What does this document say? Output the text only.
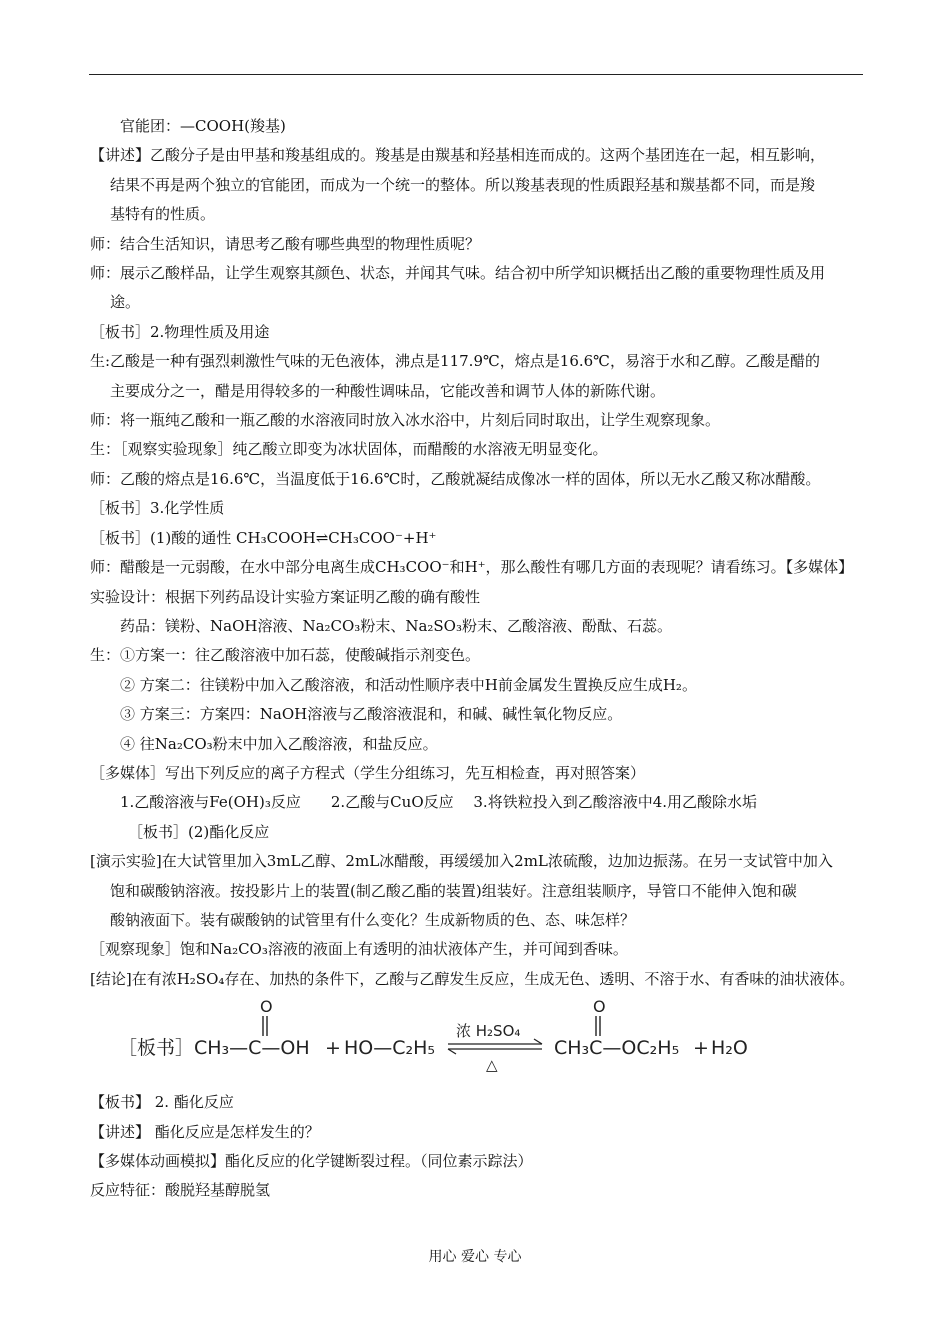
官能团：—COOH(羧基)
【讲述】乙酸分子是由甲基和羧基组成的。羧基是由羰基和羟基相连而成的。这两个基团连在一起，相互影响，
结果不再是两个独立的官能团，而成为一个统一的整体。所以羧基表现的性质跟羟基和羰基都不同，而是羧
基特有的性质。
师：结合生活知识，请思考乙酸有哪些典型的物理性质呢？
师：展示乙酸样品，让学生观察其颜色、状态，并闻其气味。结合初中所学知识概括出乙酸的重要物理性质及用
途。
［板书］2.物理性质及用途
生:乙酸是一种有强烈刺激性气味的无色液体，沸点是117.9℃，熔点是16.6℃，易溶于水和乙醇。乙酸是醋的
主要成分之一，醋是用得较多的一种酸性调味品，它能改善和调节人体的新陈代谢。
师：将一瓶纯乙酸和一瓶乙酸的水溶液同时放入冰水浴中，片刻后同时取出，让学生观察现象。
生：［观察实验现象］纯乙酸立即变为冰状固体，而醋酸的水溶液无明显变化。
师：乙酸的熔点是16.6℃，当温度低于16.6℃时，乙酸就凝结成像冰一样的固体，所以无水乙酸又称冰醋酸。
［板书］3.化学性质
［板书］(1)酸的通性 CH₃COOH⇌CH₃COO⁻+H⁺
师：醋酸是一元弱酸，在水中部分电离生成CH₃COO⁻和H⁺，那么酸性有哪几方面的表现呢？请看练习。【多媒体】
实验设计：根据下列药品设计实验方案证明乙酸的确有酸性
药品：镁粉、NaOH溶液、Na₂CO₃粉末、Na₂SO₃粉末、乙酸溶液、酚酞、石蕊。
生：①方案一：往乙酸溶液中加石蕊，使酸碱指示剂变色。
② 方案二：往镁粉中加入乙酸溶液，和活动性顺序表中H前金属发生置换反应生成H₂。
③ 方案三：方案四：NaOH溶液与乙酸溶液混和，和碱、碱性氧化物反应。
④ 往Na₂CO₃粉末中加入乙酸溶液，和盐反应。
［多媒体］写出下列反应的离子方程式（学生分组练习，先互相检查，再对照答案）
1.乙酸溶液与Fe(OH)₃反应　　2.乙酸与CuO反应　 3.将铁粒投入到乙酸溶液中4.用乙酸除水垢
［板书］(2)酯化反应
[演示实验]在大试管里加入3mL乙醇、2mL冰醋酸，再缓缓加入2mL浓硫酸，边加边振荡。在另一支试管中加入
饱和碳酸钠溶液。按投影片上的装置(制乙酸乙酯的装置)组装好。注意组装顺序，导管口不能伸入饱和碳
酸钠液面下。装有碳酸钠的试管里有什么变化？生成新物质的色、态、味怎样？
［观察现象］饱和Na₂CO₃溶液的液面上有透明的油状液体产生，并可闻到香味。
[结论]在有浓H₂SO₄存在、加热的条件下，乙酸与乙醇发生反应，生成无色、透明、不溶于水、有香味的油状液体。
［板书］ CH₃—C—OH
O
+ HO—C₂H₅
浓 H₂SO₄
△
CH₃C—OC₂H₅
O
+ H₂O
【板书】 2. 酯化反应
【讲述】 酯化反应是怎样发生的？
【多媒体动画模拟】酯化反应的化学键断裂过程。（同位素示踪法）
反应特征：酸脱羟基醇脱氢
用心 爱心 专心
